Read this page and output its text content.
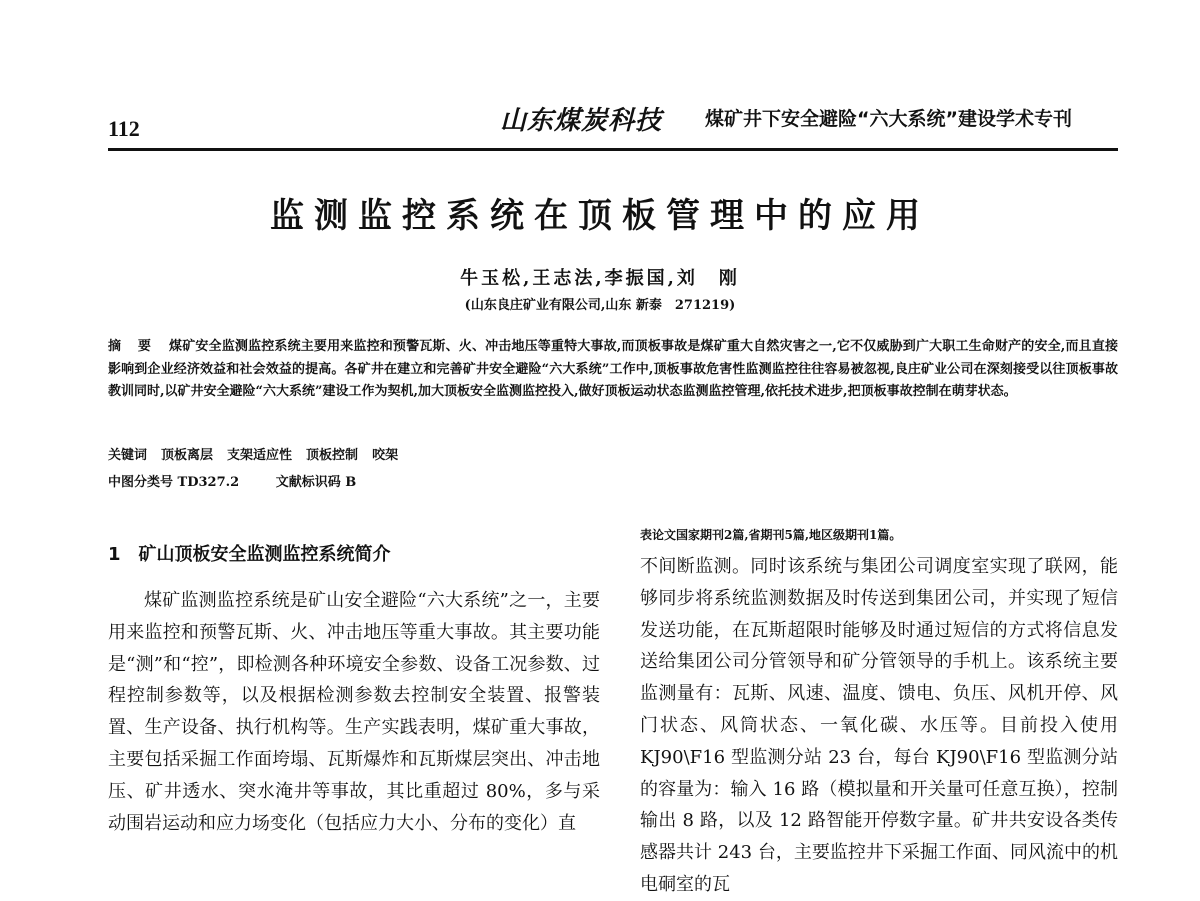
112	山东煤炭科技 煤矿井下安全避险“六大系统”建设学术专刊
监测监控系统在顶板管理中的应用
牛玉松,王志法,李振国,刘　刚
(山东良庄矿业有限公司,山东 新泰　271219)
摘 要 煤矿安全监测监控系统主要用来监控和预警瓦斯、火、冲击地压等重特大事故,而顶板事故是煤矿重大自然灾害之一,它不仅威胁到广大职工生命财产的安全,而且直接影响到企业经济效益和社会效益的提高。各矿井在建立和完善矿井安全避险“六大系统”工作中,顶板事故危害性监测监控往往容易被忽视,良庄矿业公司在深刻接受以往顶板事故教训同时,以矿井安全避险“六大系统”建设工作为契机,加大顶板安全监测监控投入,做好顶板运动状态监测监控管理,依托技术进步,把顶板事故控制在萌芽状态。
关键词 顶板离层 支架适应性 顶板控制 咬架
中图分类号 TD327.2	文献标识码 B
1 矿山顶板安全监测监控系统简介

煤矿监测监控系统是矿山安全避险“六大系统”之一，主要用来监控和预警瓦斯、火、冲击地压等重大事故。其主要功能是“测”和“控”，即检测各种环境安全参数、设备工况参数、过程控制参数等，以及根据检测参数去控制安全装置、报警装置、生产设备、执行机构等。生产实践表明，煤矿重大事故，主要包括采掘工作面垮塌、瓦斯爆炸和瓦斯煤层突出、冲击地压、矿井透水、突水淹井等事故，其比重超过 80%，多与采动围岩运动和应力场变化（包括应力大小、分布的变化）直

表论文国家期刊2篇,省期刊5篇,地区级期刊1篇。

不间断监测。同时该系统与集团公司调度室实现了联网，能够同步将系统监测数据及时传送到集团公司，并实现了短信发送功能，在瓦斯超限时能够及时通过短信的方式将信息发送给集团公司分管领导和矿分管领导的手机上。该系统主要监测量有：瓦斯、风速、温度、馈电、负压、风机开停、风门状态、风筒状态、一氧化碳、水压等。目前投入使用 KJ90\F16 型监测分站 23 台，每台 KJ90\F16 型监测分站的容量为：输入 16 路（模拟量和开关量可任意互换），控制输出 8 路，以及 12 路智能开停数字量。矿井共安设各类传感器共计 243 台，主要监控井下采掘工作面、同风流中的机电硐室的瓦
